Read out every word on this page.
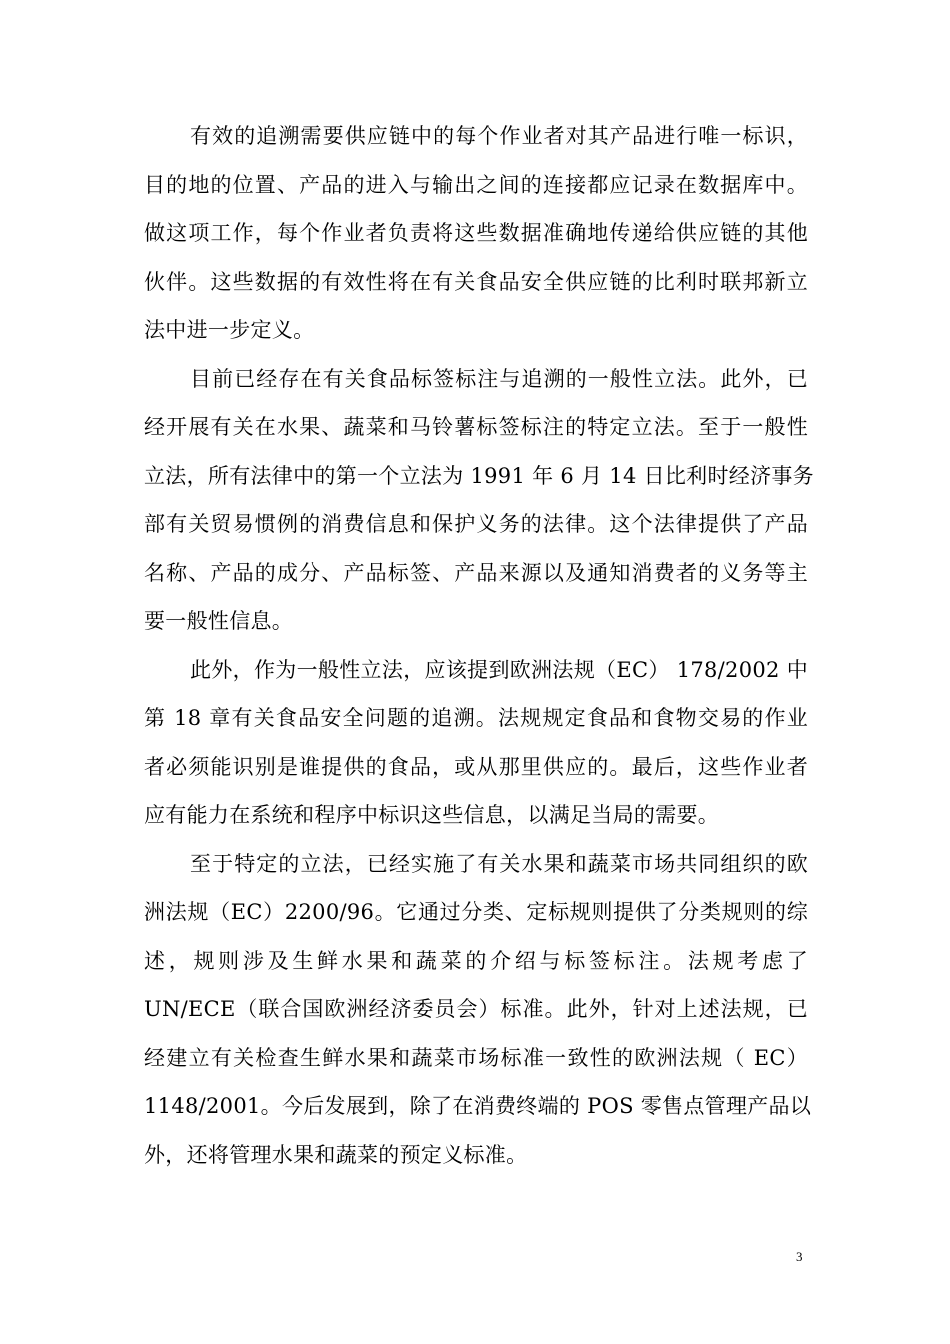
有效的追溯需要供应链中的每个作业者对其产品进行唯一标识，
目的地的位置、产品的进入与输出之间的连接都应记录在数据库中。
做这项工作，每个作业者负责将这些数据准确地传递给供应链的其他
伙伴。这些数据的有效性将在有关食品安全供应链的比利时联邦新立
法中进一步定义。
目前已经存在有关食品标签标注与追溯的一般性立法。此外，已
经开展有关在水果、蔬菜和马铃薯标签标注的特定立法。至于一般性
立法，所有法律中的第一个立法为 1991 年 6 月 14 日比利时经济事务
部有关贸易惯例的消费信息和保护义务的法律。这个法律提供了产品
名称、产品的成分、产品标签、产品来源以及通知消费者的义务等主
要一般性信息。
此外，作为一般性立法，应该提到欧洲法规（EC） 178/2002 中
第 18 章有关食品安全问题的追溯。法规规定食品和食物交易的作业
者必须能识别是谁提供的食品，或从那里供应的。最后，这些作业者
应有能力在系统和程序中标识这些信息，以满足当局的需要。
至于特定的立法，已经实施了有关水果和蔬菜市场共同组织的欧
洲法规（EC）2200/96。它通过分类、定标规则提供了分类规则的综
述，规则涉及生鲜水果和蔬菜的介绍与标签标注。法规考虑了
UN/ECE（联合国欧洲经济委员会）标准。此外，针对上述法规，已
经建立有关检查生鲜水果和蔬菜市场标准一致性的欧洲法规（ EC）
1148/2001。今后发展到，除了在消费终端的 POS 零售点管理产品以
外，还将管理水果和蔬菜的预定义标准。
3
